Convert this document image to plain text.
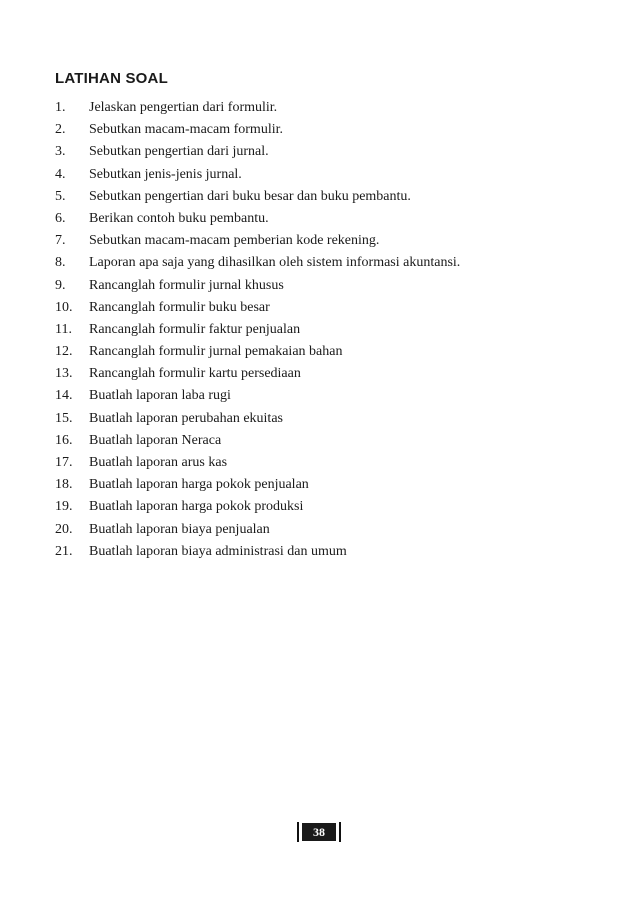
LATIHAN SOAL
1.	Jelaskan pengertian dari formulir.
2.	Sebutkan macam-macam formulir.
3.	Sebutkan pengertian dari jurnal.
4.	Sebutkan jenis-jenis jurnal.
5.	Sebutkan pengertian dari buku besar dan buku pembantu.
6.	Berikan contoh buku pembantu.
7.	Sebutkan macam-macam pemberian kode rekening.
8.	Laporan apa saja yang dihasilkan oleh sistem informasi akuntansi.
9.	Rancanglah formulir jurnal khusus
10.	Rancanglah formulir buku besar
11.	Rancanglah formulir faktur penjualan
12.	Rancanglah formulir jurnal pemakaian bahan
13.	Rancanglah formulir kartu persediaan
14.	Buatlah laporan laba rugi
15.	Buatlah laporan perubahan ekuitas
16.	Buatlah laporan Neraca
17.	Buatlah laporan arus kas
18.	Buatlah laporan harga pokok penjualan
19.	Buatlah laporan harga pokok produksi
20.	Buatlah laporan biaya penjualan
21.	Buatlah laporan biaya administrasi dan umum
38
